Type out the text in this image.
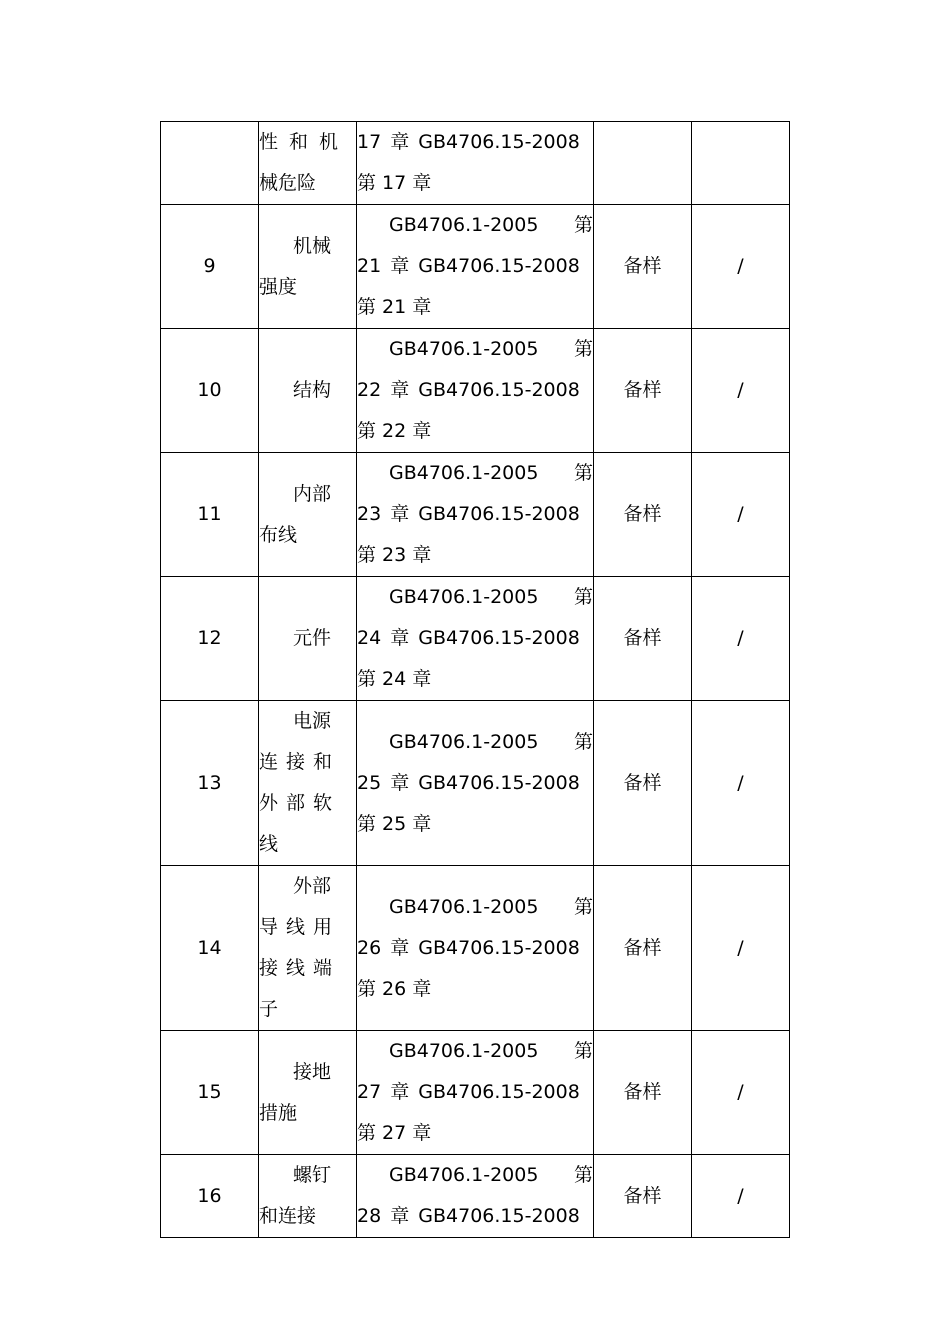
	性和机
械危险	17 章 GB4706.15-2008
第 17 章		

9	机械
强度	GB4706.1-2005 第
21 章 GB4706.15-2008
第 21 章	备样	/
10	结构	GB4706.1-2005 第
22 章 GB4706.15-2008
第 22 章	备样	/
11	内部
布线	GB4706.1-2005 第
23 章 GB4706.15-2008
第 23 章	备样	/
12	元件	GB4706.1-2005 第
24 章 GB4706.15-2008
第 24 章	备样	/
13	电源
连接和
外部软
线	GB4706.1-2005 第
25 章 GB4706.15-2008
第 25 章	备样	/
14	外部
导线用
接线端
子	GB4706.1-2005 第
26 章 GB4706.15-2008
第 26 章	备样	/
15	接地
措施	GB4706.1-2005 第
27 章 GB4706.15-2008
第 27 章	备样	/
16	螺钉
和连接	GB4706.1-2005 第
28 章 GB4706.15-2008	备样	/
